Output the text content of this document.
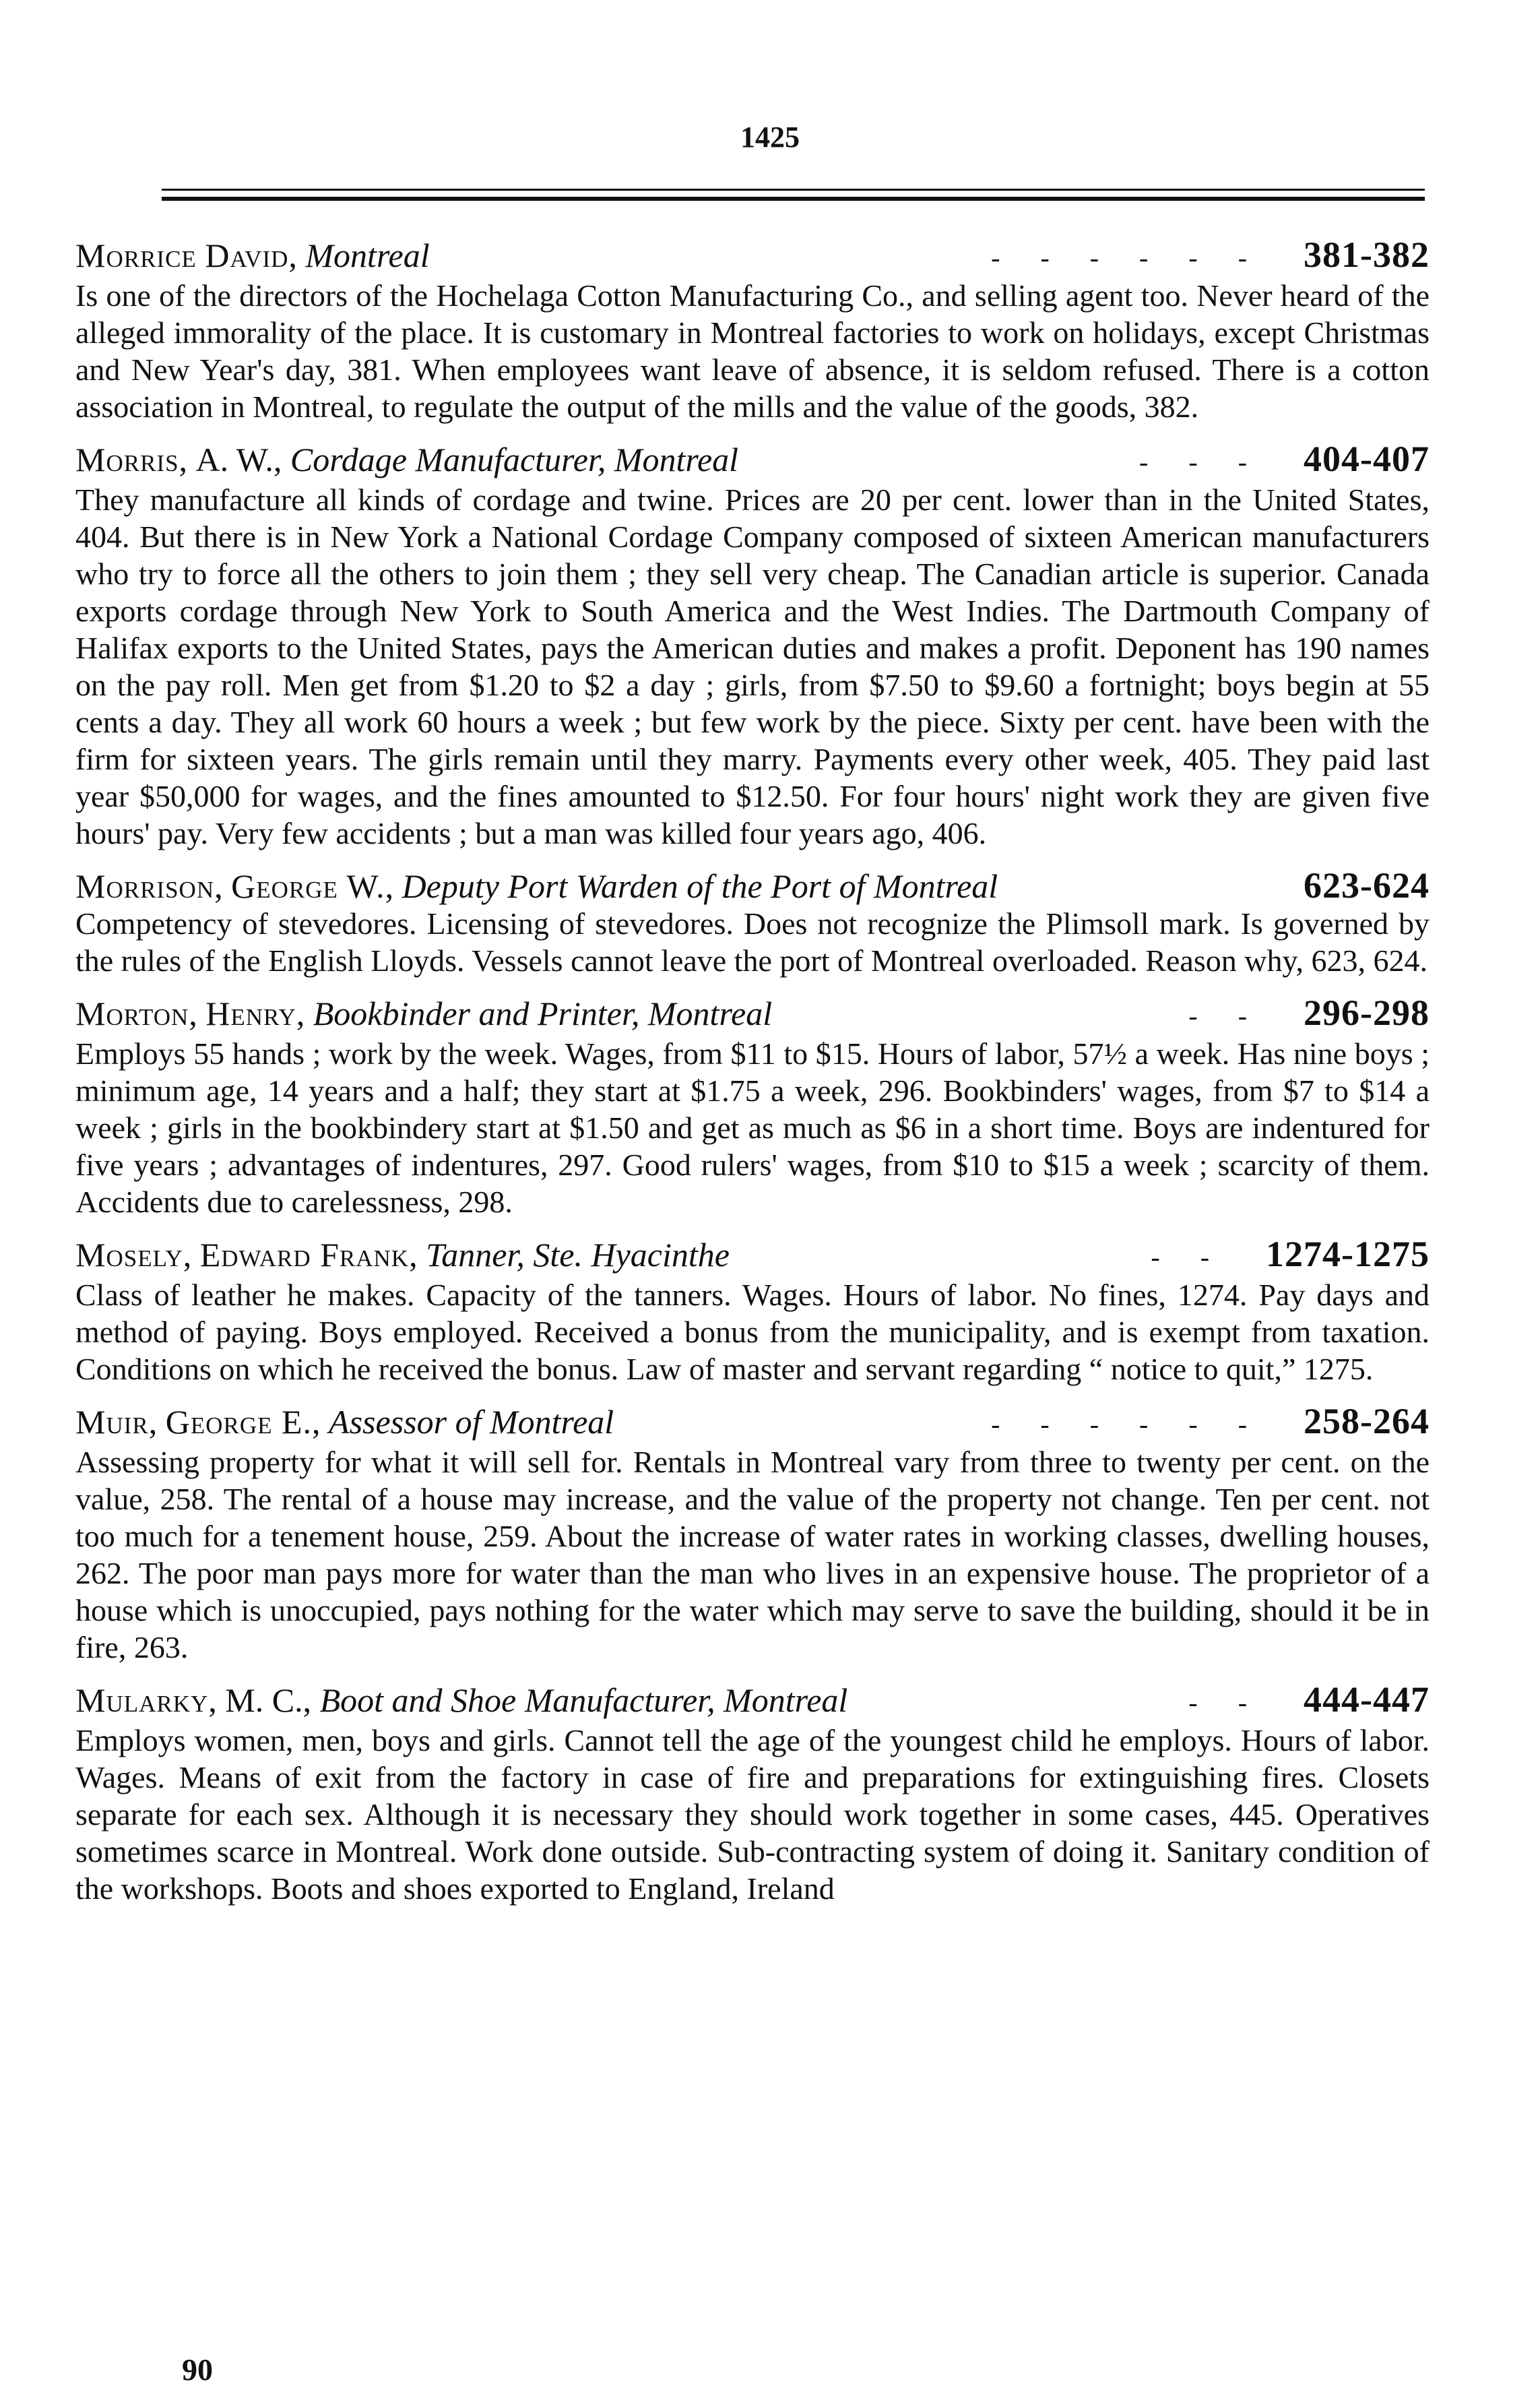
1425
Morrice
David , Montreal	------ 381-382

Is one of the directors of the Hochelaga Cotton Manufacturing Co., and selling agent too. Never heard of the alleged immorality of the place. It is customary in Montreal factories to work on holidays, except Christmas and New Year's day, 381. When employees want leave of absence, it is seldom refused. There is a cotton association in Montreal, to regulate the output of the mills and the value of the goods, 382.

Morris , A. W. , Cordage Manufacturer, Montreal	--- 404-407

They manufacture all kinds of cordage and twine. Prices are 20 per cent. lower than in the United States, 404. But there is in New York a National Cordage Company composed of sixteen American manufacturers who try to force all the others to join them ; they sell very cheap. The Canadian article is superior. Canada exports cordage through New York to South America and the West Indies. The Dartmouth Company of Halifax exports to the United States, pays the American duties and makes a profit. Deponent has 190 names on the pay roll. Men get from $1.20 to $2 a day ; girls, from $7.50 to $9.60 a fortnight; boys begin at 55 cents a day. They all work 60 hours a week ; but few work by the piece. Sixty per cent. have been with the firm for sixteen years. The girls remain until they marry. Payments every other week, 405. They paid last year $50,000 for wages, and the fines amounted to $12.50. For four hours' night work they are given five hours' pay. Very few accidents ; but a man was killed four years ago, 406.

Morrison , George W. , Deputy Port Warden of the Port of Montreal	623-624

Competency of stevedores. Licensing of stevedores. Does not recognize the Plimsoll mark. Is governed by the rules of the English Lloyds. Vessels cannot leave the port of Montreal overloaded. Reason why, 623, 624.

Morton , Henry , Bookbinder and Printer, Montreal	-- 296-298

Employs 55 hands ; work by the week. Wages, from $11 to $15. Hours of labor, 57½ a week. Has nine boys ; minimum age, 14 years and a half; they start at $1.75 a week, 296. Bookbinders' wages, from $7 to $14 a week ; girls in the bookbindery start at $1.50 and get as much as $6 in a short time. Boys are indentured for five years ; advantages of indentures, 297. Good rulers' wages, from $10 to $15 a week ; scarcity of them. Accidents due to carelessness, 298.

Mosely , Edward Frank , Tanner, Ste. Hyacinthe	-- 1274-1275

Class of leather he makes. Capacity of the tanners. Wages. Hours of labor. No fines, 1274. Pay days and method of paying. Boys employed. Received a bonus from the municipality, and is exempt from taxation. Conditions on which he received the bonus. Law of master and servant regarding “ notice to quit,” 1275.

Muir , George E. , Assessor of Montreal	------ 258-264

Assessing property for what it will sell for. Rentals in Montreal vary from three to twenty per cent. on the value, 258. The rental of a house may increase, and the value of the property not change. Ten per cent. not too much for a tenement house, 259. About the increase of water rates in working classes, dwelling houses, 262. The poor man pays more for water than the man who lives in an expensive house. The proprietor of a house which is unoccupied, pays nothing for the water which may serve to save the building, should it be in fire, 263.

Mularky , M. C. , Boot and Shoe Manufacturer, Montreal	-- 444-447

Employs women, men, boys and girls. Cannot tell the age of the youngest child he employs. Hours of labor. Wages. Means of exit from the factory in case of fire and preparations for extinguishing fires. Closets separate for each sex. Although it is necessary they should work together in some cases, 445. Operatives sometimes scarce in Montreal. Work done outside. Sub-contracting system of doing it. Sanitary condition of the workshops. Boots and shoes exported to England, Ireland

90
